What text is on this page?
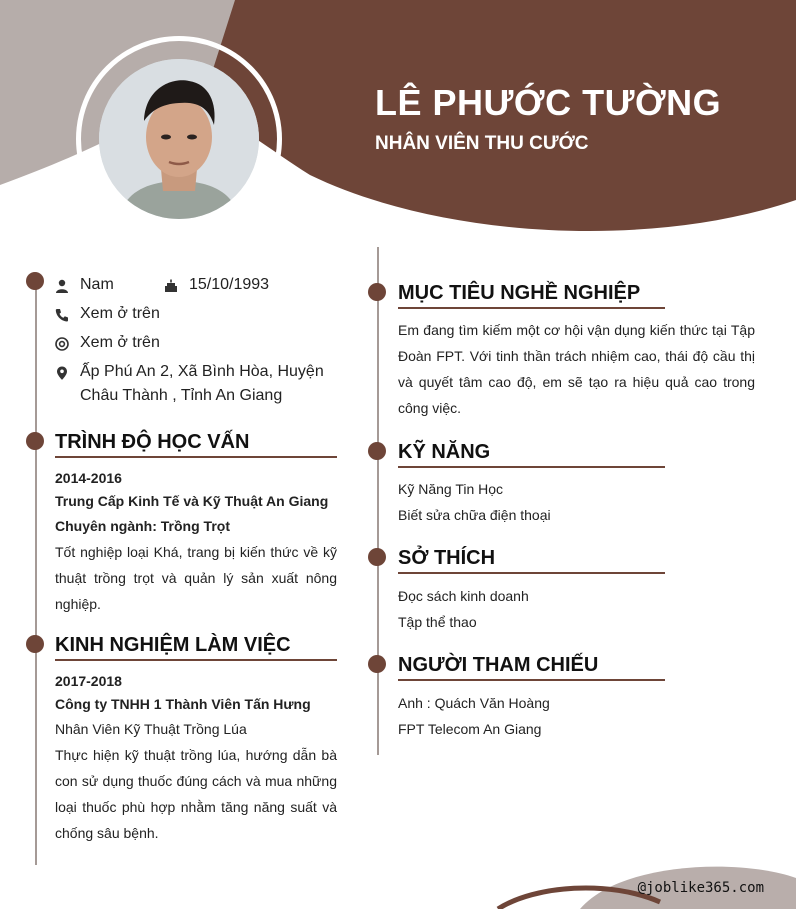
LÊ PHƯỚC TƯỜNG
NHÂN VIÊN THU CƯỚC
Nam	15/10/1993
Xem ở trên
Xem ở trên
Ấp Phú An 2, Xã Bình Hòa, Huyện Châu Thành , Tỉnh An Giang
TRÌNH ĐỘ HỌC VẤN
2014-2016
Trung Cấp Kinh Tế và Kỹ Thuật An Giang
Chuyên ngành: Trồng Trọt
Tốt nghiệp loại Khá, trang bị kiến thức về kỹ thuật trồng trọt và quản lý sản xuất nông nghiệp.
KINH NGHIỆM LÀM VIỆC
2017-2018
Công ty TNHH 1 Thành Viên Tấn Hưng
Nhân Viên Kỹ Thuật Trồng Lúa
Thực hiện kỹ thuật trồng lúa, hướng dẫn bà con sử dụng thuốc đúng cách và mua những loại thuốc phù hợp nhằm tăng năng suất và chống sâu bệnh.
MỤC TIÊU NGHỀ NGHIỆP
Em đang tìm kiếm một cơ hội vận dụng kiến thức tại Tập Đoàn FPT. Với tinh thần trách nhiệm cao, thái độ cầu thị và quyết tâm cao độ, em sẽ tạo ra hiệu quả cao trong công việc.
KỸ NĂNG
Kỹ Năng Tin Học
Biết sửa chữa điện thoại
SỞ THÍCH
Đọc sách kinh doanh
Tập thể thao
NGƯỜI THAM CHIẾU
Anh : Quách Văn Hoàng
FPT Telecom An Giang
@joblike365.com
